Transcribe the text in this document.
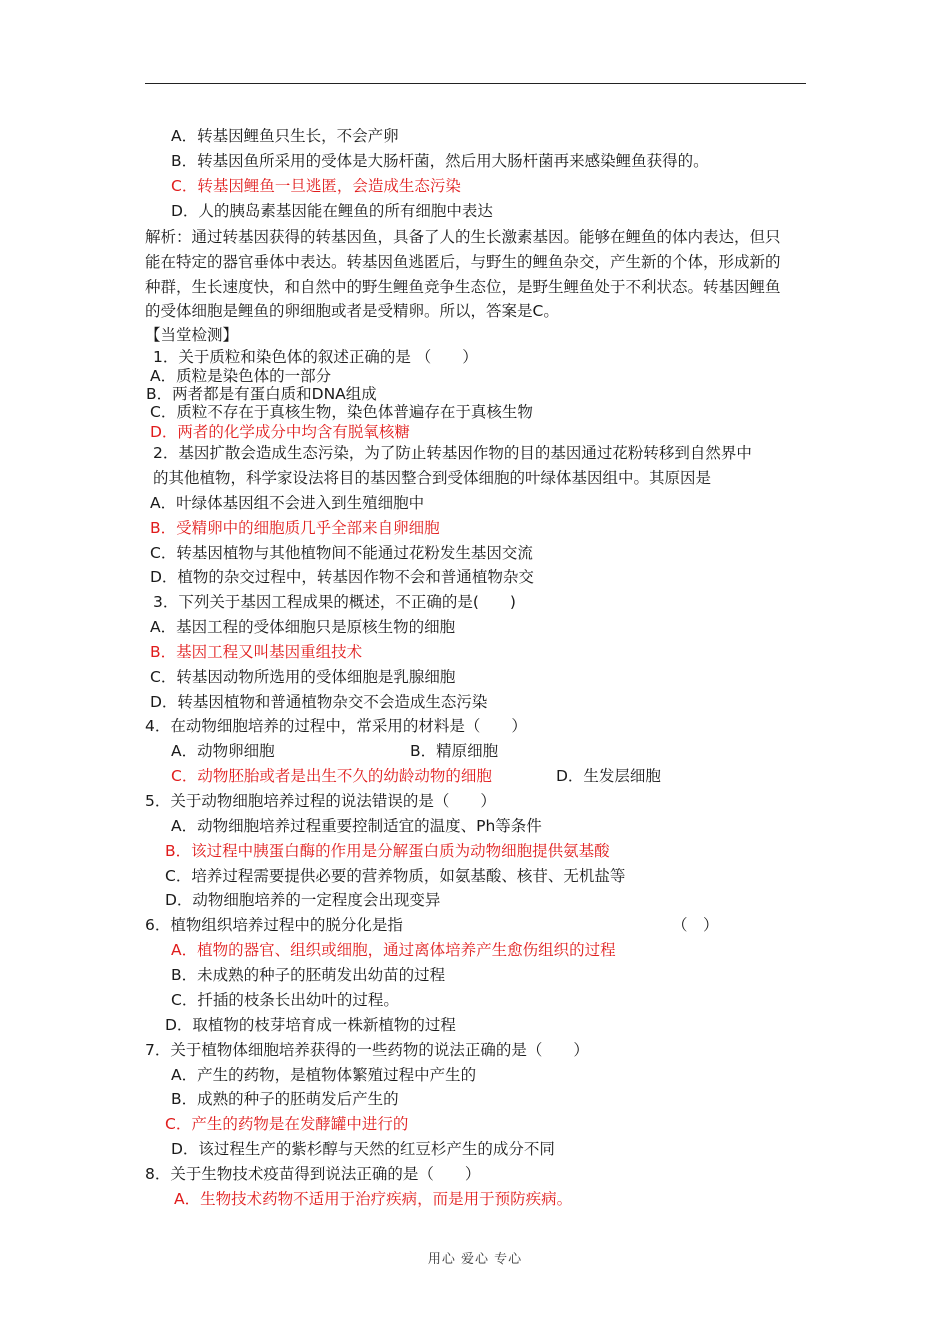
A．转基因鲤鱼只生长，不会产卵
B．转基因鱼所采用的受体是大肠杆菌，然后用大肠杆菌再来感染鲤鱼获得的。
C．转基因鲤鱼一旦逃匿，会造成生态污染
D．人的胰岛素基因能在鲤鱼的所有细胞中表达
解析：通过转基因获得的转基因鱼，具备了人的生长激素基因。能够在鲤鱼的体内表达，但只
能在特定的器官垂体中表达。转基因鱼逃匿后，与野生的鲤鱼杂交，产生新的个体，形成新的
种群，生长速度快，和自然中的野生鲤鱼竞争生态位，是野生鲤鱼处于不利状态。转基因鲤鱼
的受体细胞是鲤鱼的卵细胞或者是受精卵。所以，答案是C。
【当堂检测】
1．关于质粒和染色体的叙述正确的是 （　　）
A．质粒是染色体的一部分
B．两者都是有蛋白质和DNA组成
C．质粒不存在于真核生物，染色体普遍存在于真核生物
D．两者的化学成分中均含有脱氧核糖
2．基因扩散会造成生态污染，为了防止转基因作物的目的基因通过花粉转移到自然界中
的其他植物，科学家设法将目的基因整合到受体细胞的叶绿体基因组中。其原因是
A．叶绿体基因组不会进入到生殖细胞中
B．受精卵中的细胞质几乎全部来自卵细胞
C．转基因植物与其他植物间不能通过花粉发生基因交流
D．植物的杂交过程中，转基因作物不会和普通植物杂交
3．下列关于基因工程成果的概述，不正确的是(　　)
A．基因工程的受体细胞只是原核生物的细胞
B．基因工程又叫基因重组技术
C．转基因动物所选用的受体细胞是乳腺细胞
D．转基因植物和普通植物杂交不会造成生态污染
4．在动物细胞培养的过程中，常采用的材料是（　　）
A．动物卵细胞	B．精原细胞
C．动物胚胎或者是出生不久的幼龄动物的细胞	D．生发层细胞
5．关于动物细胞培养过程的说法错误的是（　　）
A．动物细胞培养过程重要控制适宜的温度、Ph等条件
B．该过程中胰蛋白酶的作用是分解蛋白质为动物细胞提供氨基酸
C．培养过程需要提供必要的营养物质，如氨基酸、核苷、无机盐等
D．动物细胞培养的一定程度会出现变异
6．植物组织培养过程中的脱分化是指	（　）
A．植物的器官、组织或细胞，通过离体培养产生愈伤组织的过程
B．未成熟的种子的胚萌发出幼苗的过程
C．扦插的枝条长出幼叶的过程。
D．取植物的枝芽培育成一株新植物的过程
7．关于植物体细胞培养获得的一些药物的说法正确的是（　　）
A．产生的药物，是植物体繁殖过程中产生的
B．成熟的种子的胚萌发后产生的
C．产生的药物是在发酵罐中进行的
D．该过程生产的紫杉醇与天然的红豆杉产生的成分不同
8．关于生物技术疫苗得到说法正确的是（　　）
A．生物技术药物不适用于治疗疾病，而是用于预防疾病。
用心 爱心 专心
